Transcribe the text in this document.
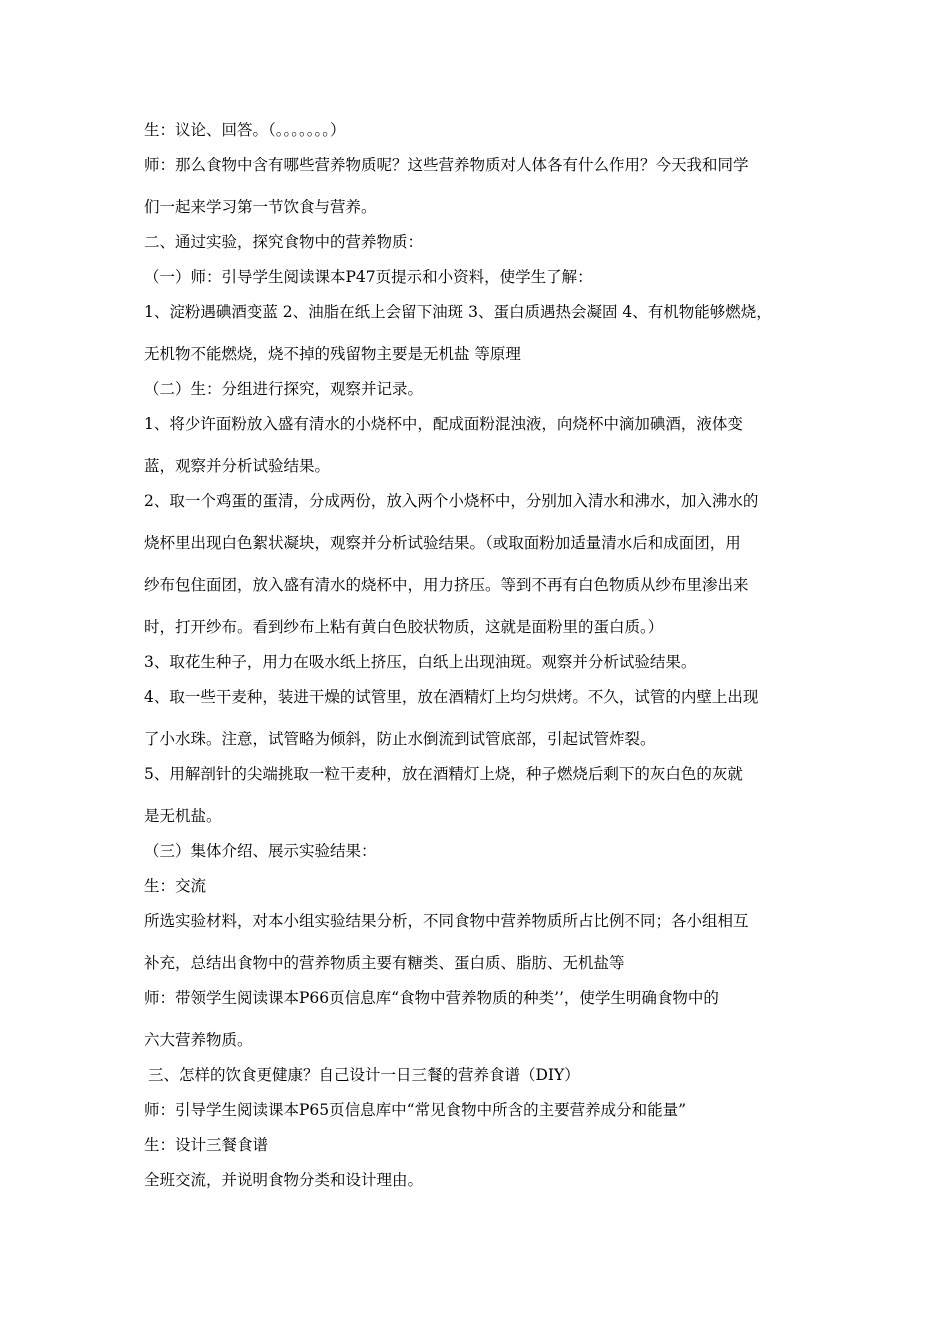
生：议论、回答。（。。。。。。。）
师：那么食物中含有哪些营养物质呢？这些营养物质对人体各有什么作用？今天我和同学
们一起来学习第一节饮食与营养。
二、通过实验，探究食物中的营养物质：
（一）师：引导学生阅读课本P47页提示和小资料，使学生了解：
1、淀粉遇碘酒变蓝 2、油脂在纸上会留下油斑 3、蛋白质遇热会凝固 4、有机物能够燃烧，
无机物不能燃烧，烧不掉的残留物主要是无机盐 等原理
（二）生：分组进行探究，观察并记录。
1、将少许面粉放入盛有清水的小烧杯中，配成面粉混浊液，向烧杯中滴加碘酒，液体变
蓝，观察并分析试验结果。
2、取一个鸡蛋的蛋清，分成两份，放入两个小烧杯中，分别加入清水和沸水，加入沸水的
烧杯里出现白色絮状凝块，观察并分析试验结果。（或取面粉加适量清水后和成面团，用
纱布包住面团，放入盛有清水的烧杯中，用力挤压。等到不再有白色物质从纱布里渗出来
时，打开纱布。看到纱布上粘有黄白色胶状物质，这就是面粉里的蛋白质。）
3、取花生种子，用力在吸水纸上挤压，白纸上出现油斑。观察并分析试验结果。
4、取一些干麦种，装进干燥的试管里，放在酒精灯上均匀烘烤。不久，试管的内壁上出现
了小水珠。注意，试管略为倾斜，防止水倒流到试管底部，引起试管炸裂。
5、用解剖针的尖端挑取一粒干麦种，放在酒精灯上烧，种子燃烧后剩下的灰白色的灰就
是无机盐。
（三）集体介绍、展示实验结果：
生：交流
所选实验材料，对本小组实验结果分析，不同食物中营养物质所占比例不同；各小组相互
补充，总结出食物中的营养物质主要有糖类、蛋白质、脂肪、无机盐等
师：带领学生阅读课本P66页信息库“食物中营养物质的种类’’，使学生明确食物中的
六大营养物质。
三、怎样的饮食更健康？自己设计一日三餐的营养食谱（DIY）
师：引导学生阅读课本P65页信息库中“常见食物中所含的主要营养成分和能量”
生：设计三餐食谱
全班交流，并说明食物分类和设计理由。
